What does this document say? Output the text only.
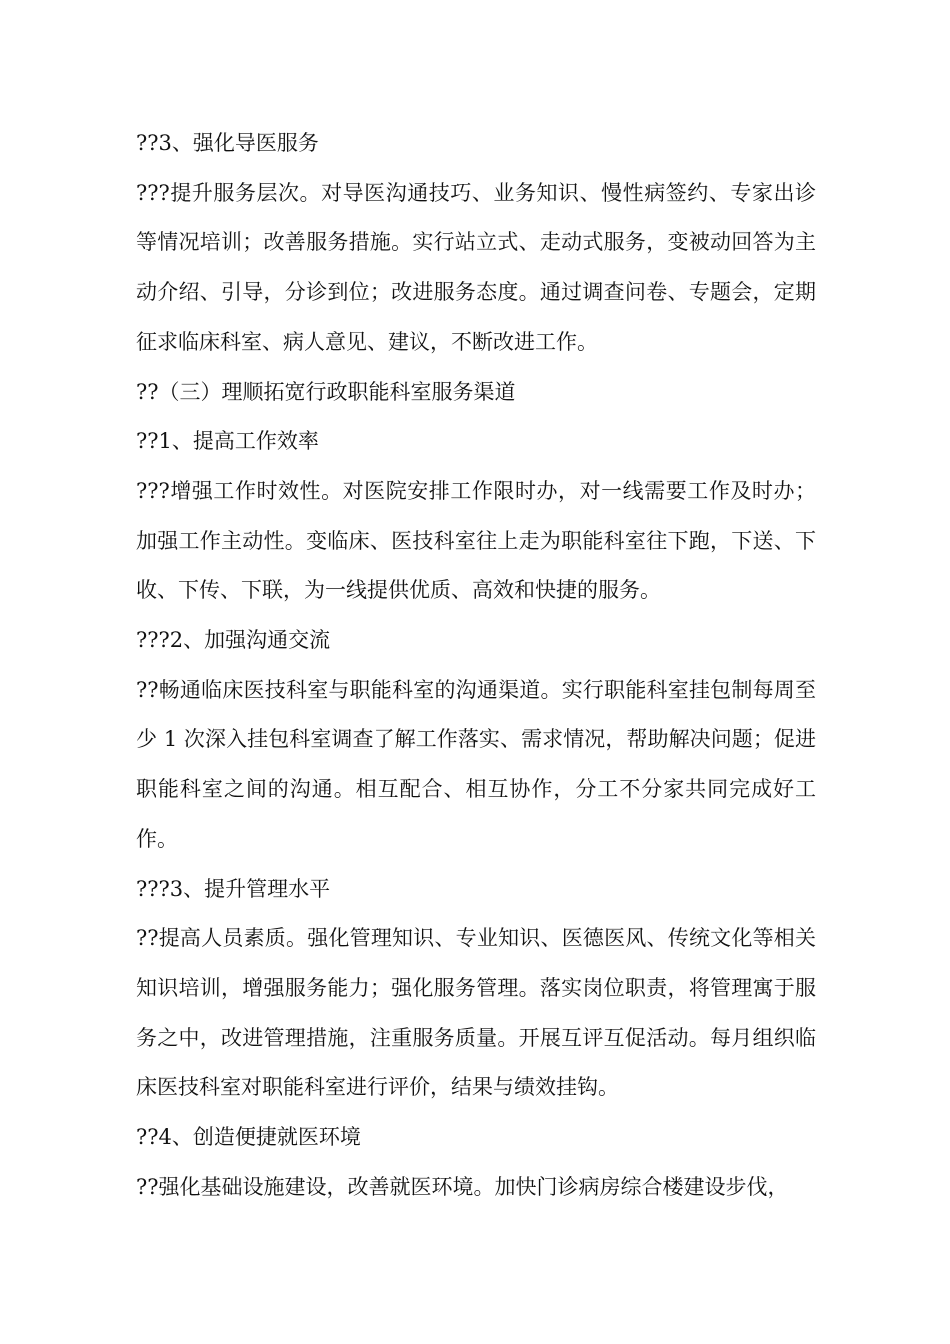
??3、强化导医服务

???提升服务层次。对导医沟通技巧、业务知识、慢性病签约、专家出诊等情况培训；改善服务措施。实行站立式、走动式服务，变被动回答为主动介绍、引导，分诊到位；改进服务态度。通过调查问卷、专题会，定期征求临床科室、病人意见、建议，不断改进工作。

??（三）理顺拓宽行政职能科室服务渠道

??1、提高工作效率

???增强工作时效性。对医院安排工作限时办，对一线需要工作及时办；加强工作主动性。变临床、医技科室往上走为职能科室往下跑，下送、下收、下传、下联，为一线提供优质、高效和快捷的服务。

???2、加强沟通交流

??畅通临床医技科室与职能科室的沟通渠道。实行职能科室挂包制每周至少 1 次深入挂包科室调查了解工作落实、需求情况，帮助解决问题；促进职能科室之间的沟通。相互配合、相互协作，分工不分家共同完成好工作。

???3、提升管理水平

??提高人员素质。强化管理知识、专业知识、医德医风、传统文化等相关知识培训，增强服务能力；强化服务管理。落实岗位职责，将管理寓于服务之中，改进管理措施，注重服务质量。开展互评互促活动。每月组织临床医技科室对职能科室进行评价，结果与绩效挂钩。

??4、创造便捷就医环境

??强化基础设施建设，改善就医环境。加快门诊病房综合楼建设步伐，
